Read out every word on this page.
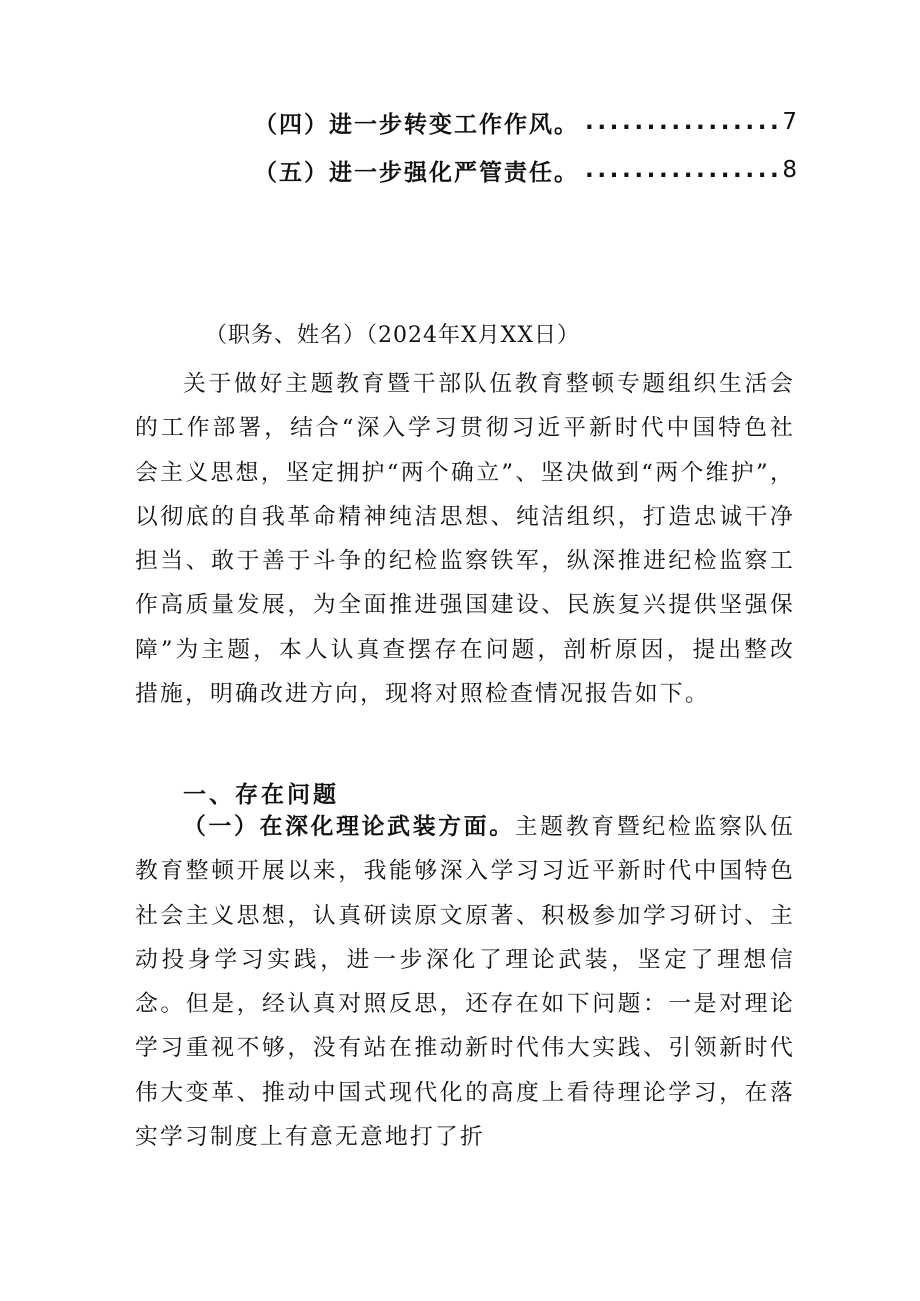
（四）进一步转变工作作风。 ................ 7
（五）进一步强化严管责任。 ................ 8
（职务、姓名）（2024年X月XX日）

关于做好主题教育暨干部队伍教育整顿专题组织生活会的工作部署，结合“深入学习贯彻习近平新时代中国特色社会主义思想，坚定拥护“两个确立”、坚决做到“两个维护”，以彻底的自我革命精神纯洁思想、纯洁组织，打造忠诚干净担当、敢于善于斗争的纪检监察铁军，纵深推进纪检监察工作高质量发展，为全面推进强国建设、民族复兴提供坚强保障”为主题，本人认真查摆存在问题，剖析原因，提出整改措施，明确改进方向，现将对照检查情况报告如下。

一、存在问题

（一）在深化理论武装方面。主题教育暨纪检监察队伍教育整顿开展以来，我能够深入学习习近平新时代中国特色社会主义思想，认真研读原文原著、积极参加学习研讨、主动投身学习实践，进一步深化了理论武装，坚定了理想信念。但是，经认真对照反思，还存在如下问题：一是对理论学习重视不够，没有站在推动新时代伟大实践、引领新时代伟大变革、推动中国式现代化的高度上看待理论学习，在落实学习制度上有意无意地打了折
